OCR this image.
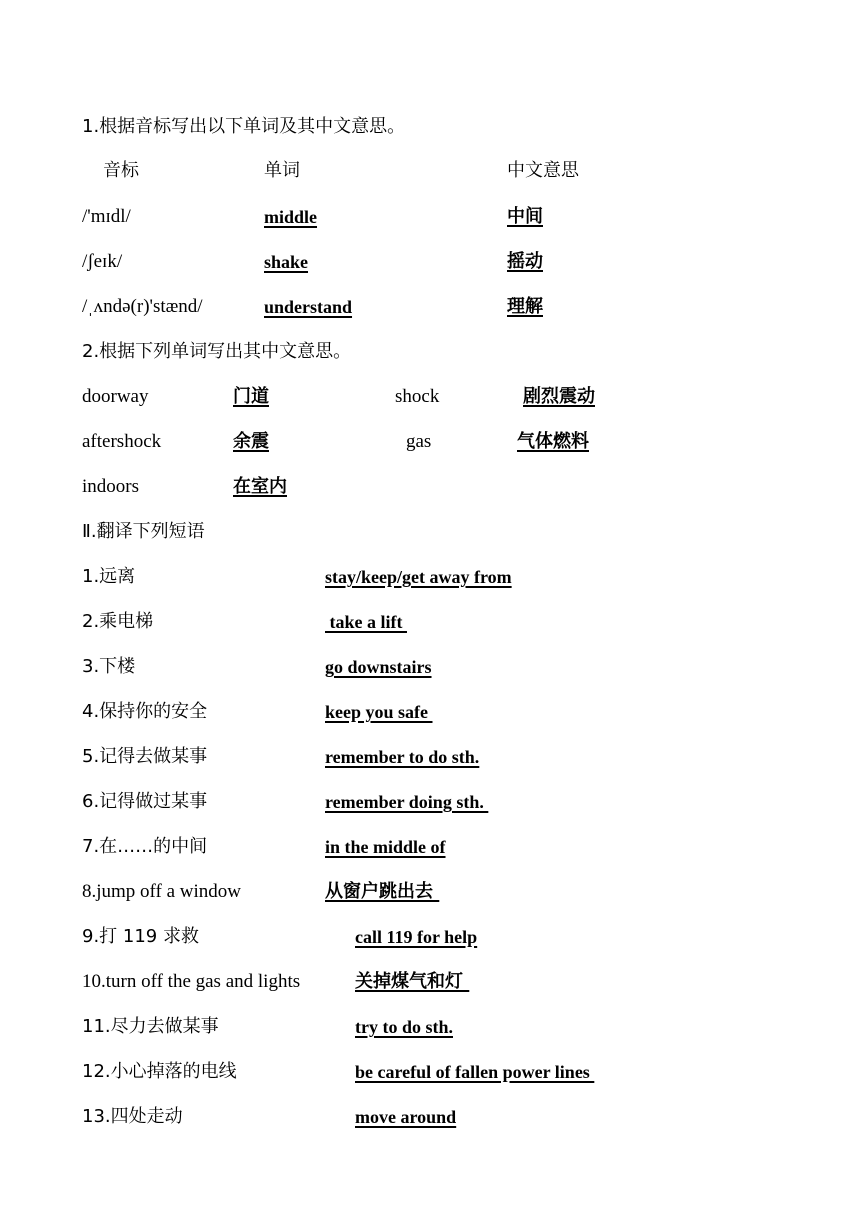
1.根据音标写出以下单词及其中文意思。
音标	单词	中文意思
/'mɪdl/	middle	中间
/ʃeɪk/	shake	摇动
/ˌʌndə(r)'stænd/	understand	理解
2.根据下列单词写出其中文意思。
doorway	门道	shock	剧烈震动
aftershock	余震	gas	气体燃料
indoors	在室内
Ⅱ.翻译下列短语
1.远离	stay/keep/get away from
2.乘电梯	take a lift
3.下楼	go downstairs
4.保持你的安全	keep you safe
5.记得去做某事	remember to do sth.
6.记得做过某事	remember doing sth.
7.在……的中间	in the middle of
8.jump off a window	从窗户跳出去
9.打 119 求救	call 119 for help
10.turn off the gas and lights	关掉煤气和灯
11.尽力去做某事	try to do sth.
12.小心掉落的电线	be careful of fallen power lines
13.四处走动	move around
